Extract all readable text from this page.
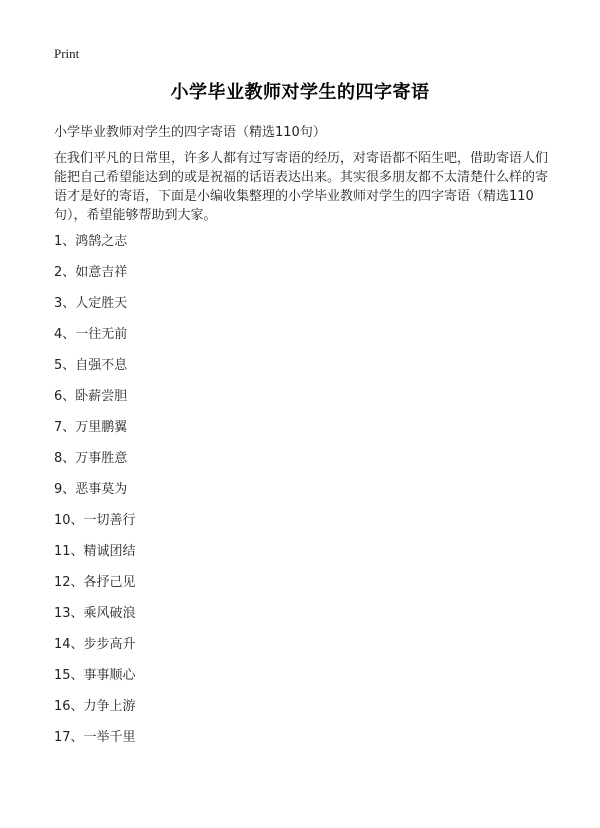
Print
小学毕业教师对学生的四字寄语
小学毕业教师对学生的四字寄语（精选110句）

在我们平凡的日常里，许多人都有过写寄语的经历，对寄语都不陌生吧，借助寄语人们能把自己希望能达到的或是祝福的话语表达出来。其实很多朋友都不太清楚什么样的寄语才是好的寄语，下面是小编收集整理的小学毕业教师对学生的四字寄语（精选110句），希望能够帮助到大家。

1、鸿鹄之志
2、如意吉祥
3、人定胜天
4、一往无前
5、自强不息
6、卧薪尝胆
7、万里鹏翼
8、万事胜意
9、恶事莫为
10、一切善行
11、精诚团结
12、各抒己见
13、乘风破浪
14、步步高升
15、事事顺心
16、力争上游
17、一举千里
